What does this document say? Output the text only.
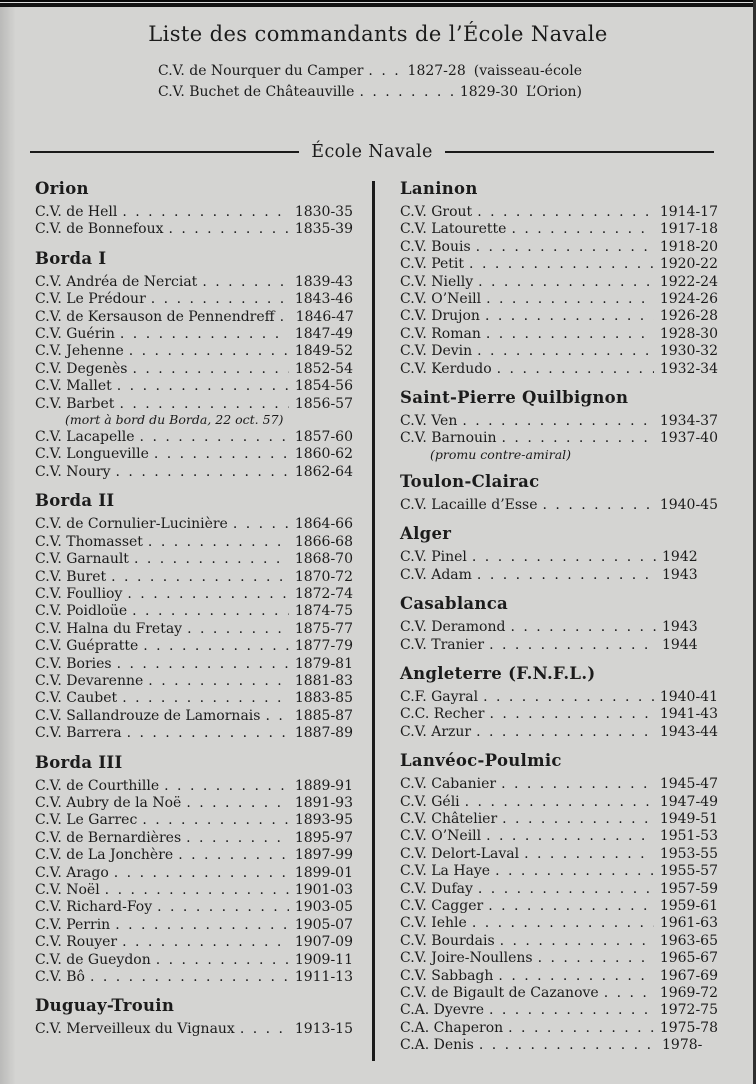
Liste des commandants de l’École Navale
C.V. de Nourquer du Camper . . .	1827-28 (vaisseau-école
C.V. Buchet de Châteauville . . .	1829-30 L’Orion)
École Navale
Orion
C.V. de Hell . . .	1830-35
C.V. de Bonnefoux . . .	1835-39
Borda I
C.V. Andréa de Nerciat . . .	1839-43
C.V. Le Prédour . . .	1843-46
C.V. de Kersauson de Pennendreff . . . 1846-47
C.V. Guérin . . .	1847-49
C.V. Jehenne . . .	1849-52
C.V. Degenès . . .	1852-54
C.V. Mallet . . .	1854-56
C.V. Barbet . . .	1856-57
(mort à bord du Borda, 22 oct. 57)
C.V. Lacapelle . . .	1857-60
C.V. Longueville . . .	1860-62
C.V. Noury . . .	1862-64
Borda II
C.V. de Cornulier-Lucinière . . .	1864-66
C.V. Thomasset . . .	1866-68
C.V. Garnault . . .	1868-70
C.V. Buret . . .	1870-72
C.V. Foullioy . . .	1872-74
C.V. Poidloüe . . .	1874-75
C.V. Halna du Fretay . . .	1875-77
C.V. Guépratte . . .	1877-79
C.V. Bories . . .	1879-81
C.V. Devarenne . . .	1881-83
C.V. Caubet . . .	1883-85
C.V. Sallandrouze de Lamornais . . . 1885-87
C.V. Barrera . . .	1887-89
Borda III
C.V. de Courthille . . .	1889-91
C.V. Aubry de la Noë . . .	1891-93
C.V. Le Garrec . . .	1893-95
C.V. de Bernardières . . .	1895-97
C.V. de La Jonchère . . .	1897-99
C.V. Arago . . .	1899-01
C.V. Noël . . .	1901-03
C.V. Richard-Foy . . .	1903-05
C.V. Perrin . . .	1905-07
C.V. Rouyer . . .	1907-09
C.V. de Gueydon . . .	1909-11
C.V. Bô . . .	1911-13
Duguay-Trouin
C.V. Merveilleux du Vignaux . . .	1913-15
Laninon
C.V. Grout . . .	1914-17
C.V. Latourette . . .	1917-18
C.V. Bouis . . .	1918-20
C.V. Petit . . .	1920-22
C.V. Nielly . . .	1922-24
C.V. O’Neill . . .	1924-26
C.V. Drujon . . .	1926-28
C.V. Roman . . .	1928-30
C.V. Devin . . .	1930-32
C.V. Kerdudo . . .	1932-34
Saint-Pierre Quilbignon
C.V. Ven . . .	1934-37
C.V. Barnouin . . .	1937-40
(promu contre-amiral)
Toulon-Clairac
C.V. Lacaille d’Esse . . .	1940-45
Alger
C.V. Pinel . . .	1942
C.V. Adam . . .	1943
Casablanca
C.V. Deramond . . .	1943
C.V. Tranier . . .	1944
Angleterre (F.N.F.L.)
C.F. Gayral . . .	1940-41
C.C. Recher . . .	1941-43
C.V. Arzur . . .	1943-44
Lanvéoc-Poulmic
C.V. Cabanier . . .	1945-47
C.V. Géli . . .	1947-49
C.V. Châtelier . . .	1949-51
C.V. O’Neill . . .	1951-53
C.V. Delort-Laval . . .	1953-55
C.V. La Haye . . .	1955-57
C.V. Dufay . . .	1957-59
C.V. Cagger . . .	1959-61
C.V. Iehle . . .	1961-63
C.V. Bourdais . . .	1963-65
C.V. Joire-Noullens . . .	1965-67
C.V. Sabbagh . . .	1967-69
C.V. de Bigault de Cazanove . . .	1969-72
C.A. Dyevre . . .	1972-75
C.A. Chaperon . . .	1975-78
C.A. Denis . . .	1978-
